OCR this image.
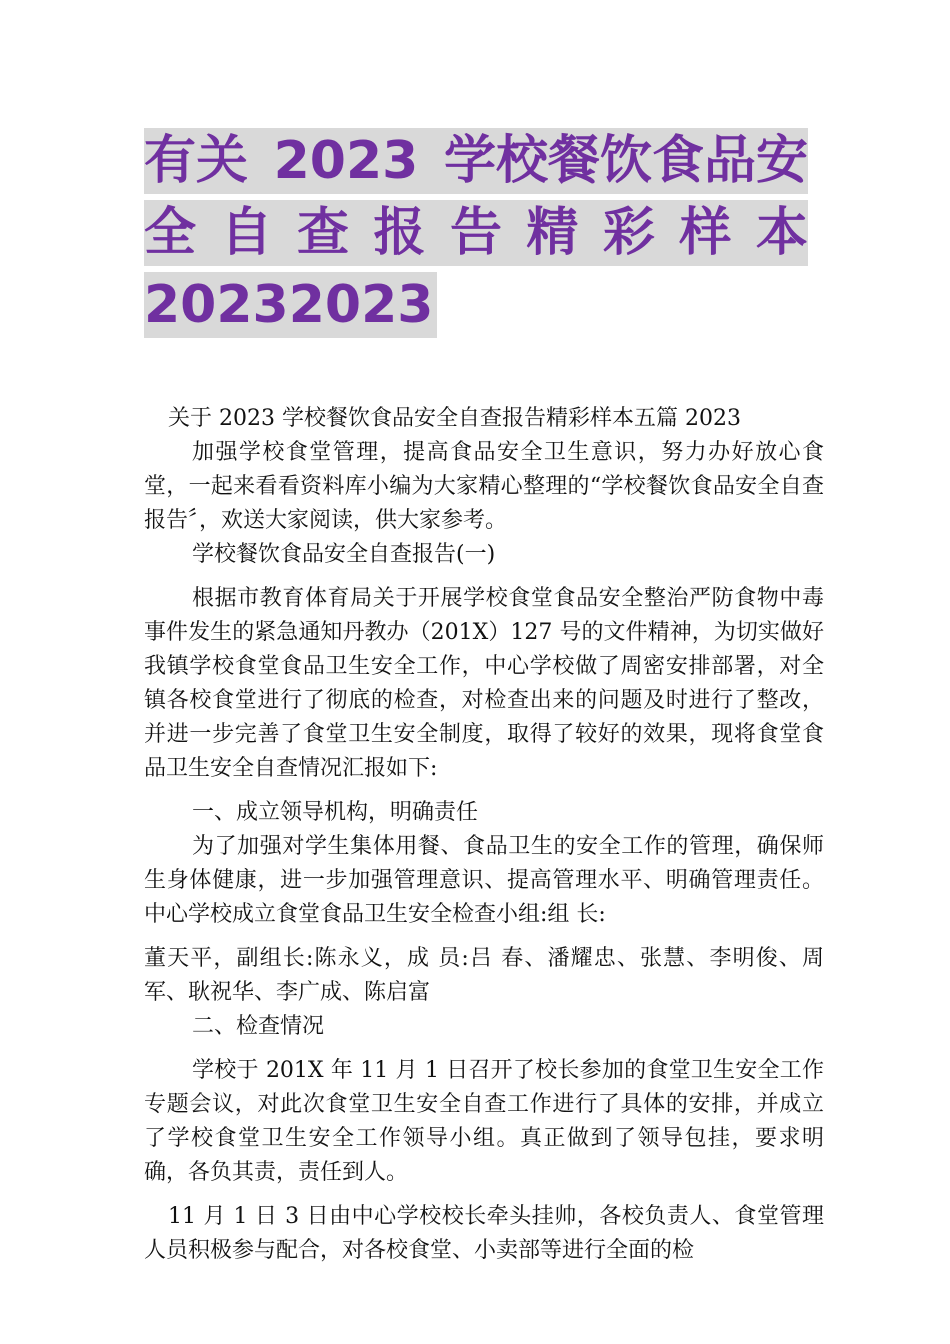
有关 2023 学校餐饮食品安
全 自 查 报 告 精 彩 样 本
20232023

关于 2023 学校餐饮食品安全自查报告精彩样本五篇 2023

加强学校食堂管理，提高食品安全卫生意识，努力办好放心食堂，一起来看看资料库小编为大家精心整理的“学校餐饮食品安全自查报告〞，欢送大家阅读，供大家参考。

学校餐饮食品安全自查报告(一)

根据市教育体育局关于开展学校食堂食品安全整治严防食物中毒事件发生的紧急通知丹教办（201X）127 号的文件精神，为切实做好我镇学校食堂食品卫生安全工作，中心学校做了周密安排部署，对全镇各校食堂进行了彻底的检查，对检查出来的问题及时进行了整改，并进一步完善了食堂卫生安全制度，取得了较好的效果，现将食堂食品卫生安全自查情况汇报如下:

一、成立领导机构，明确责任

为了加强对学生集体用餐、食品卫生的安全工作的管理，确保师生身体健康，进一步加强管理意识、提高管理水平、明确管理责任。中心学校成立食堂食品卫生安全检查小组:组 长:

董天平，副组长:陈永义，成 员:吕 春、潘耀忠、张慧、李明俊、周军、耿祝华、李广成、陈启富

二、检查情况

学校于 201X 年 11 月 1 日召开了校长参加的食堂卫生安全工作专题会议，对此次食堂卫生安全自查工作进行了具体的安排，并成立了学校食堂卫生安全工作领导小组。真正做到了领导包挂，要求明确，各负其责，责任到人。

11 月 1 日 3 日由中心学校校长牵头挂帅，各校负责人、食堂管理人员积极参与配合，对各校食堂、小卖部等进行全面的检
